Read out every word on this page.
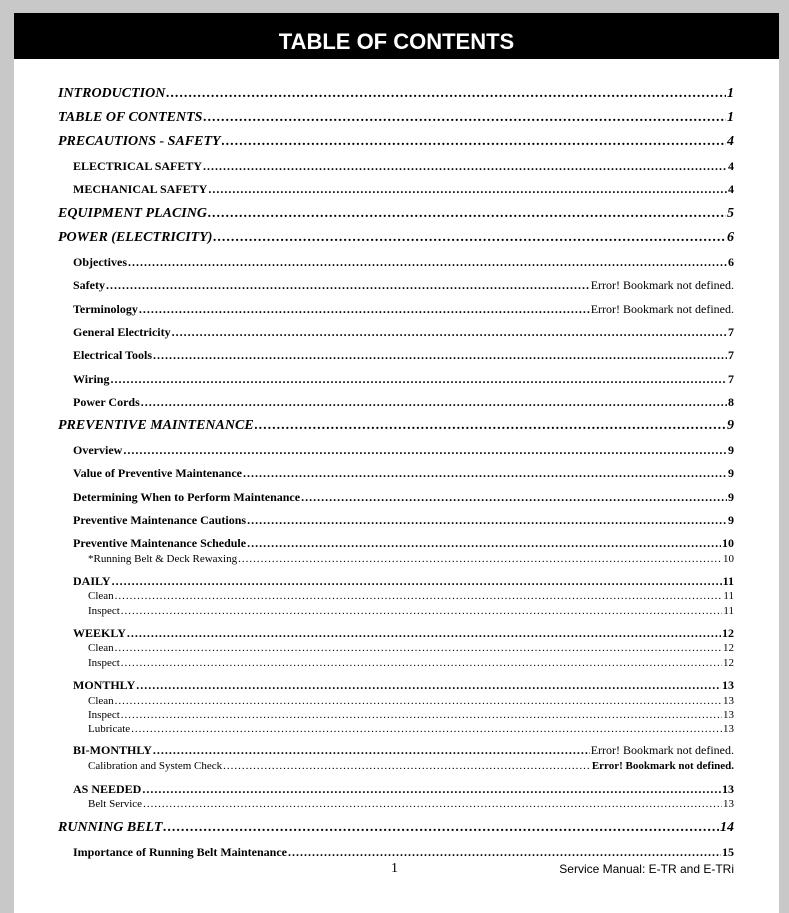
TABLE OF CONTENTS
INTRODUCTION .....	1
TABLE OF CONTENTS .....	1
PRECAUTIONS - SAFETY .....	4
ELECTRICAL SAFETY .....	4
MECHANICAL SAFETY .....	4
EQUIPMENT PLACING .....	5
POWER (ELECTRICITY) .....	6
Objectives .....	6
Safety .....	Error! Bookmark not defined.
Terminology .....	Error! Bookmark not defined.
General Electricity .....	7
Electrical Tools .....	7
Wiring .....	7
Power Cords .....	8
PREVENTIVE MAINTENANCE .....	9
Overview .....	9
Value of Preventive Maintenance .....	9
Determining When to Perform Maintenance .....	9
Preventive Maintenance Cautions .....	9
Preventive Maintenance Schedule .....	10
*Running Belt & Deck Rewaxing .....	10
DAILY .....	11
Clean .....	11
Inspect .....	11
WEEKLY .....	12
Clean .....	12
Inspect .....	12
MONTHLY .....	13
Clean .....	13
Inspect .....	13
Lubricate .....	13
BI-MONTHLY .....	Error! Bookmark not defined.
Calibration and System Check .....	Error! Bookmark not defined.
AS NEEDED .....	13
Belt Service .....	13
RUNNING BELT .....	14
Importance of Running Belt Maintenance .....	15
1	Service Manual: E-TR and E-TRi
